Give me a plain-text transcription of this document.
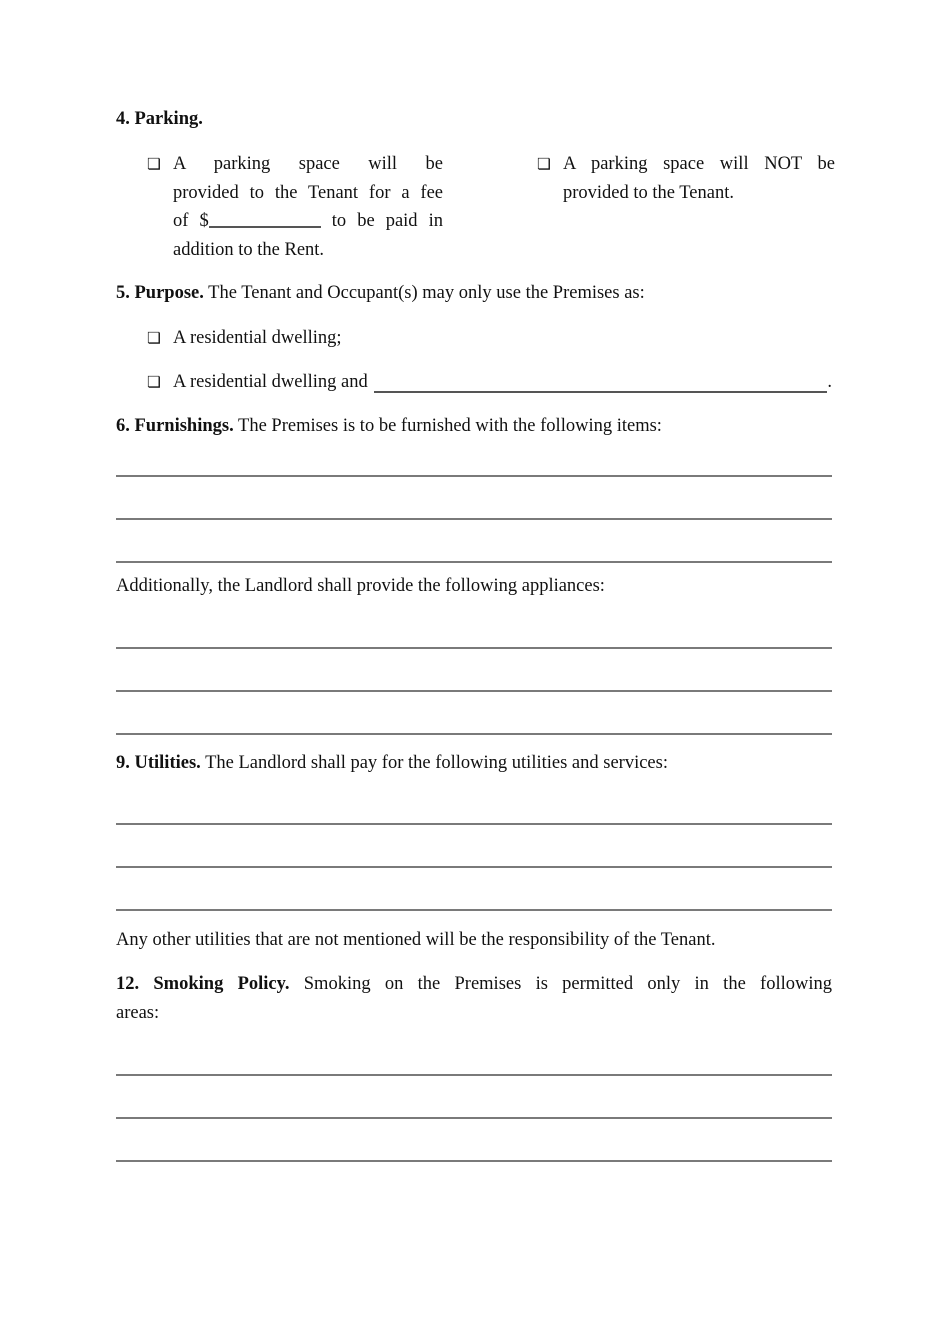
4. Parking.

❏ A parking space will be
provided to the Tenant for a fee
of $	to be paid in
addition to the Rent.
❏ A parking space will NOT be
provided to the Tenant.

5. Purpose. The Tenant and Occupant(s) may only use the Premises as:

❏ A residential dwelling;
❏ A residential dwelling and	.

6. Furnishings. The Premises is to be furnished with the following items:

Additionally, the Landlord shall provide the following appliances:

9. Utilities. The Landlord shall pay for the following utilities and services:

Any other utilities that are not mentioned will be the responsibility of the Tenant.

12. Smoking Policy. Smoking on the Premises is permitted only in the following

areas:
